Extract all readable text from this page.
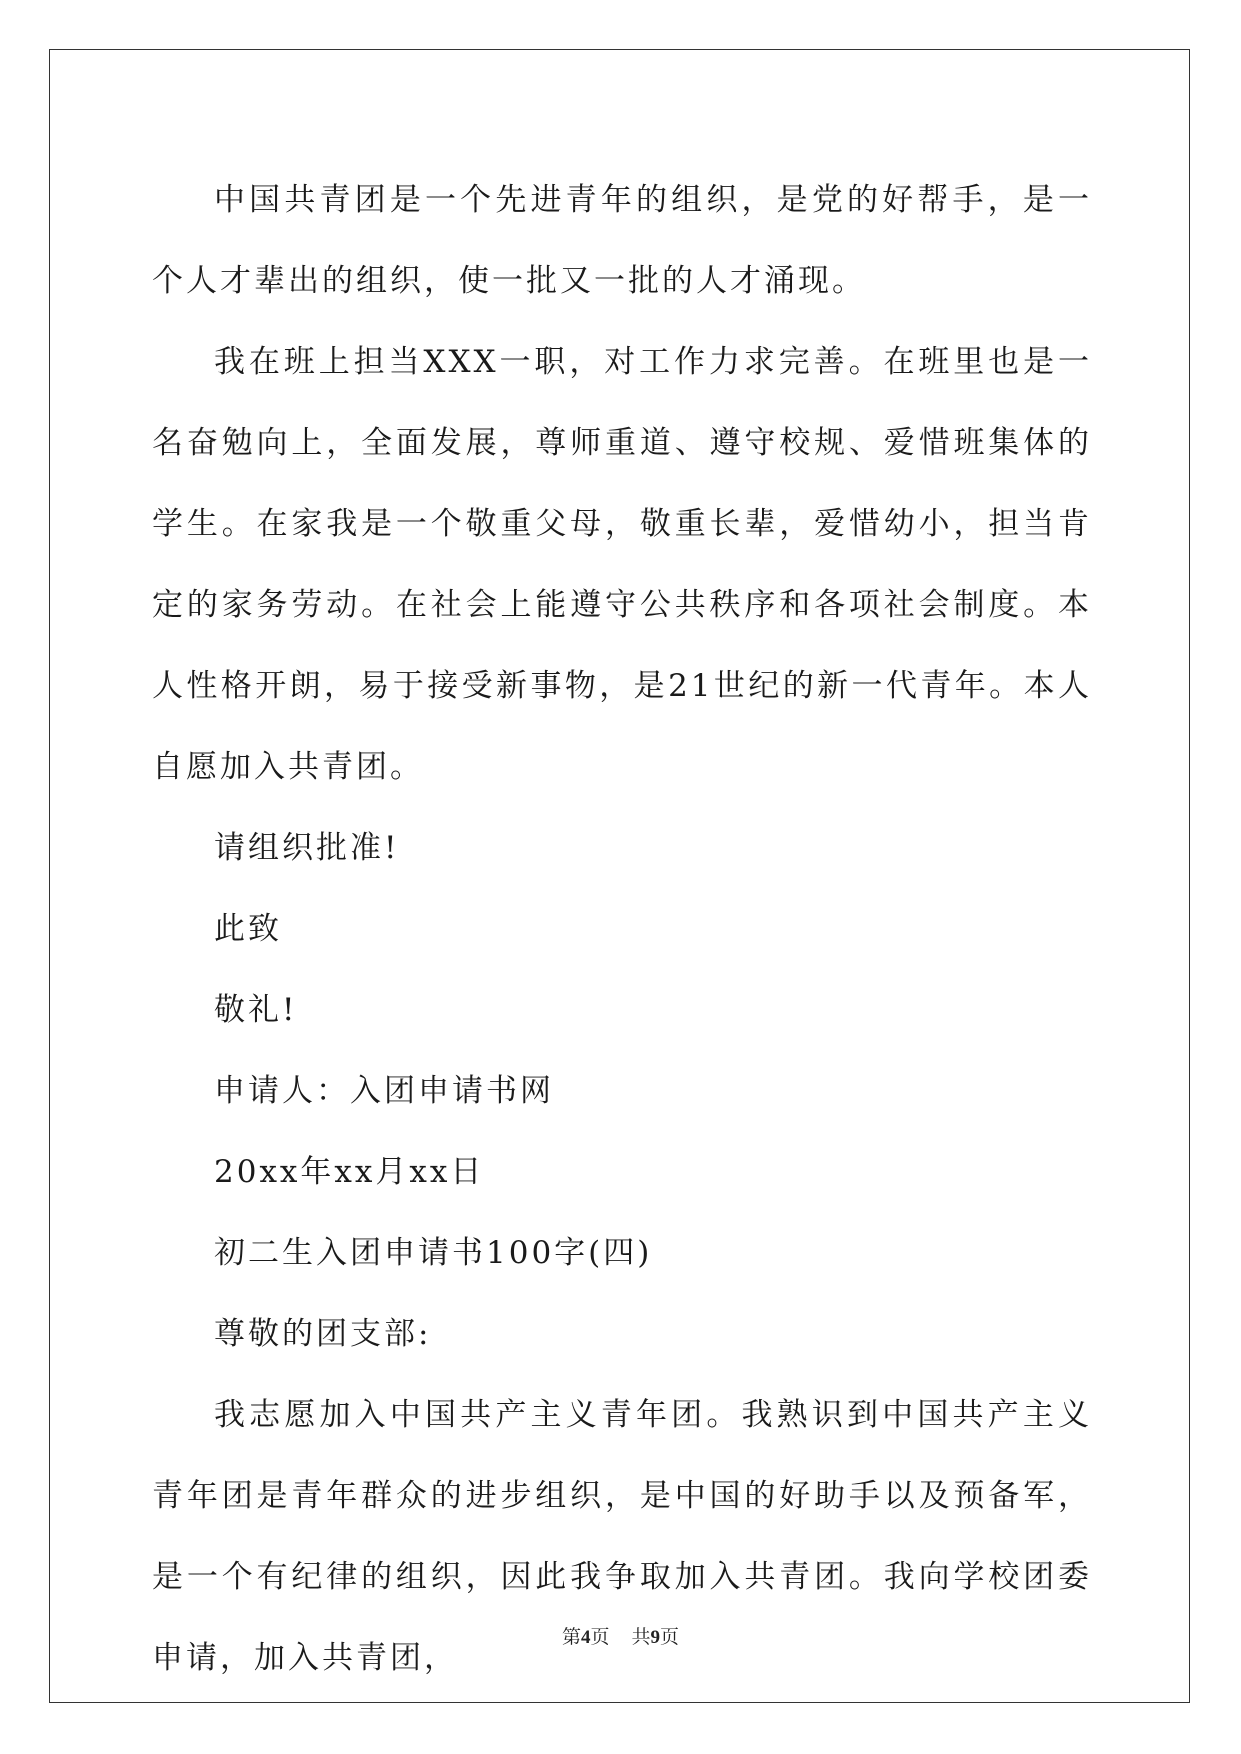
中国共青团是一个先进青年的组织，是党的好帮手，是一个人才辈出的组织，使一批又一批的人才涌现。

我在班上担当XXX一职，对工作力求完善。在班里也是一名奋勉向上，全面发展，尊师重道、遵守校规、爱惜班集体的学生。在家我是一个敬重父母，敬重长辈，爱惜幼小，担当肯定的家务劳动。在社会上能遵守公共秩序和各项社会制度。本人性格开朗，易于接受新事物，是21世纪的新一代青年。本人自愿加入共青团。

请组织批准!

此致

敬礼!

申请人：入团申请书网

20xx年xx月xx日

初二生入团申请书100字(四)

尊敬的团支部:

我志愿加入中国共产主义青年团。我熟识到中国共产主义青年团是青年群众的进步组织，是中国的好助手以及预备军，是一个有纪律的组织，因此我争取加入共青团。我向学校团委申请，加入共青团，

第4页 共9页
